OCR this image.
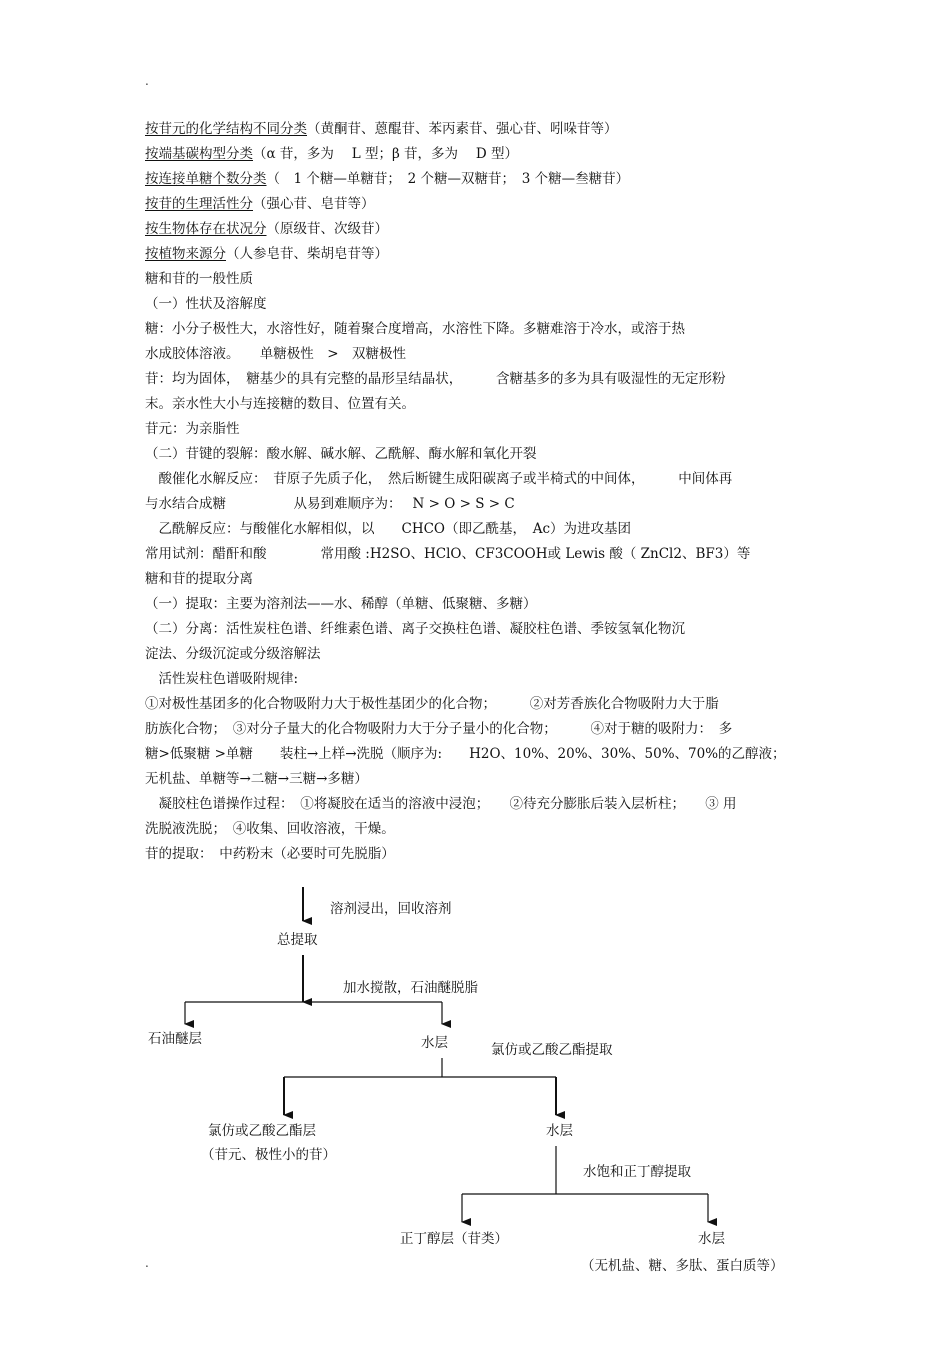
.
按苷元的化学结构不同分类（黄酮苷、蒽醌苷、苯丙素苷、强心苷、吲哚苷等）
按端基碳构型分类（α 苷，多为　 L 型；β 苷，多为　 D 型）
按连接单糖个数分类（　1 个糖—单糖苷；　2 个糖—双糖苷；　3 个糖—叁糖苷）
按苷的生理活性分（强心苷、皂苷等）
按生物体存在状况分（原级苷、次级苷）
按植物来源分（人参皂苷、柴胡皂苷等）
糖和苷的一般性质
（一）性状及溶解度
糖：小分子极性大，水溶性好，随着聚合度增高，水溶性下降。多糖难溶于冷水，或溶于热
水成胶体溶液。　　单糖极性　>　双糖极性
苷：均为固体，　糖基少的具有完整的晶形呈结晶状，　　　含糖基多的多为具有吸湿性的无定形粉
末。亲水性大小与连接糖的数目、位置有关。
苷元：为亲脂性
（二）苷键的裂解：酸水解、碱水解、乙酰解、酶水解和氧化开裂
　酸催化水解反应：　苷原子先质子化，　然后断键生成阳碳离子或半椅式的中间体，　　　中间体再
与水结合成糖　　　　　从易到难顺序为：　 N > O > S > C
　乙酰解反应：与酸催化水解相似，以　　CHCO（即乙酰基，　Ac）为进攻基团
常用试剂：醋酐和酸　　　　常用酸 :H2SO、HClO、CF3COOH或 Lewis 酸（ ZnCl2、BF3）等
糖和苷的提取分离
（一）提取：主要为溶剂法——水、稀醇（单糖、低聚糖、多糖）
（二）分离：活性炭柱色谱、纤维素色谱、离子交换柱色谱、凝胶柱色谱、季铵氢氧化物沉
淀法、分级沉淀或分级溶解法
　活性炭柱色谱吸附规律:
①对极性基团多的化合物吸附力大于极性基团少的化合物；　　　②对芳香族化合物吸附力大于脂
肪族化合物；　③对分子量大的化合物吸附力大于分子量小的化合物；　　　④对于糖的吸附力：　多
糖>低聚糖 >单糖　　装柱→上样→洗脱（顺序为:　　H2O、10%、20%、30%、50%、70%的乙醇液；
无机盐、单糖等→二糖→三糖→多糖）
　凝胶柱色谱操作过程：　①将凝胶在适当的溶液中浸泡；　　②待充分膨胀后装入层析柱；　　③ 用
洗脱液洗脱；　④收集、回收溶液，干燥。
苷的提取：　中药粉末（必要时可先脱脂）
溶剂浸出，回收溶剂
总提取
加水搅散，石油醚脱脂
石油醚层	水层	氯仿或乙酸乙酯提取
氯仿或乙酸乙酯层
（苷元、极性小的苷）
水层
水饱和正丁醇提取
正丁醇层（苷类）	水层
（无机盐、糖、多肽、蛋白质等）
.
